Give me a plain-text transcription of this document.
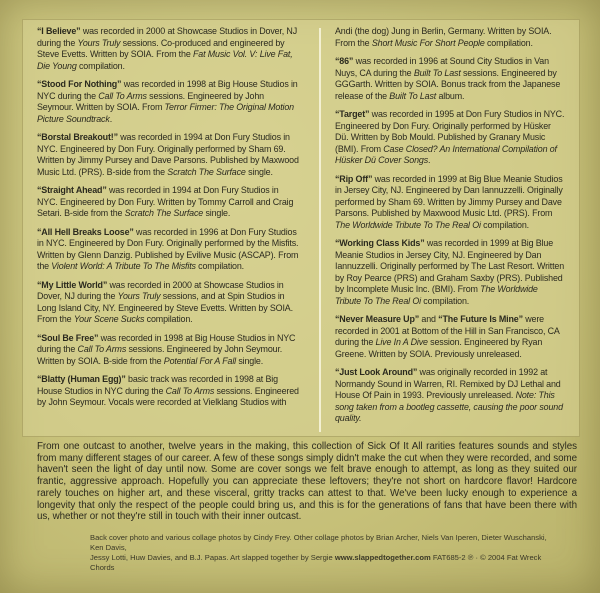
“I Believe” was recorded in 2000 at Showcase Studios in Dover, NJ during the Yours Truly sessions. Co-produced and engineered by Steve Evetts. Written by SOIA. From the Fat Music Vol. V: Live Fat, Die Young compilation.
“Stood For Nothing” was recorded in 1998 at Big House Studios in NYC during the Call To Arms sessions. Engineered by John Seymour. Written by SOIA. From Terror Firmer: The Original Motion Picture Soundtrack.
“Borstal Breakout!” was recorded in 1994 at Don Fury Studios in NYC. Engineered by Don Fury. Originally performed by Sham 69. Written by Jimmy Pursey and Dave Parsons. Published by Maxwood Music Ltd. (PRS). B-side from the Scratch The Surface single.
“Straight Ahead” was recorded in 1994 at Don Fury Studios in NYC. Engineered by Don Fury. Written by Tommy Carroll and Craig Setari. B-side from the Scratch The Surface single.
“All Hell Breaks Loose” was recorded in 1996 at Don Fury Studios in NYC. Engineered by Don Fury. Originally performed by the Misfits. Written by Glenn Danzig. Published by Evilive Music (ASCAP). From the Violent World: A Tribute To The Misfits compilation.
“My Little World” was recorded in 2000 at Showcase Studios in Dover, NJ during the Yours Truly sessions, and at Spin Studios in Long Island City, NY. Engineered by Steve Evetts. Written by SOIA. From the Your Scene Sucks compilation.
“Soul Be Free” was recorded in 1998 at Big House Studios in NYC during the Call To Arms sessions. Engineered by John Seymour. Written by SOIA. B-side from the Potential For A Fall single.
“Blatty (Human Egg)” basic track was recorded in 1998 at Big House Studios in NYC during the Call To Arms sessions. Engineered by John Seymour. Vocals were recorded at Vielklang Studios with
Andi (the dog) Jung in Berlin, Germany. Written by SOIA. From the Short Music For Short People compilation.
“86” was recorded in 1996 at Sound City Studios in Van Nuys, CA during the Built To Last sessions. Engineered by GGGarth. Written by SOIA. Bonus track from the Japanese release of the Built To Last album.
“Target” was recorded in 1995 at Don Fury Studios in NYC. Engineered by Don Fury. Originally performed by Hüsker Dü. Written by Bob Mould. Published by Granary Music (BMI). From Case Closed? An International Compilation of Hüsker Dü Cover Songs.
“Rip Off” was recorded in 1999 at Big Blue Meanie Studios in Jersey City, NJ. Engineered by Dan Iannuzzelli. Originally performed by Sham 69. Written by Jimmy Pursey and Dave Parsons. Published by Maxwood Music Ltd. (PRS). From The Worldwide Tribute To The Real Oi compilation.
“Working Class Kids” was recorded in 1999 at Big Blue Meanie Studios in Jersey City, NJ. Engineered by Dan Iannuzzelli. Originally performed by The Last Resort. Written by Roy Pearce (PRS) and Graham Saxby (PRS). Published by Incomplete Music Inc. (BMI). From The Worldwide Tribute To The Real Oi compilation.
“Never Measure Up” and “The Future Is Mine” were recorded in 2001 at Bottom of the Hill in San Francisco, CA during the Live In A Dive session. Engineered by Ryan Greene. Written by SOIA. Previously unreleased.
“Just Look Around” was originally recorded in 1992 at Normandy Sound in Warren, RI. Remixed by DJ Lethal and House Of Pain in 1993. Previously unreleased. Note: This song taken from a bootleg cassette, causing the poor sound quality.
From one outcast to another, twelve years in the making, this collection of Sick Of It All rarities features sounds and styles from many different stages of our career. A few of these songs simply didn't make the cut when they were recorded, and some haven't seen the light of day until now. Some are cover songs we felt brave enough to attempt, as long as they suited our frantic, aggressive approach. Hopefully you can appreciate these leftovers; they're not short on hardcore flavor! Hardcore rarely touches on higher art, and these visceral, gritty tracks can attest to that. We've been lucky enough to experience a longevity that only the respect of the people could bring us, and this is for the generations of fans that have been there with us, whether or not they're still in touch with their inner outcast.
Back cover photo and various collage photos by Cindy Frey. Other collage photos by Brian Archer, Niels Van Iperen, Dieter Wuschanski, Ken Davis,
Jessy Lotti, Huw Davies, and B.J. Papas. Art slapped together by Sergie www.slappedtogether.com FAT685-2 ℗ · © 2004 Fat Wreck Chords
